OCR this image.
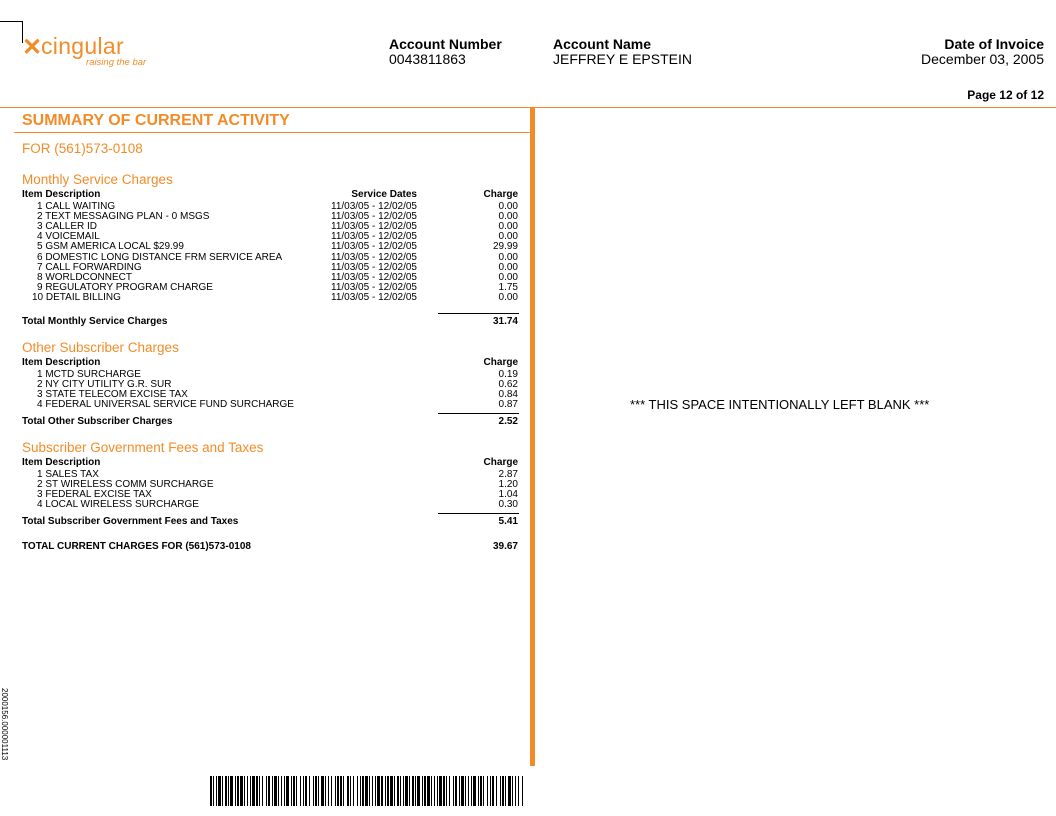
✕
cingular
raising the bar
Account Number
0043811863
Account Name
JEFFREY E EPSTEIN
Date of Invoice
December 03, 2005
Page 12 of 12
SUMMARY OF CURRENT ACTIVITY
FOR (561)573-0108
Monthly Service Charges
Item Description	Service Dates	Charge
1 CALL WAITING	11/03/05 - 12/02/05	0.00
2 TEXT MESSAGING PLAN - 0 MSGS	11/03/05 - 12/02/05	0.00
3 CALLER ID	11/03/05 - 12/02/05	0.00
4 VOICEMAIL	11/03/05 - 12/02/05	0.00
5 GSM AMERICA LOCAL $29.99	11/03/05 - 12/02/05	29.99
6 DOMESTIC LONG DISTANCE FRM SERVICE AREA	11/03/05 - 12/02/05	0.00
7 CALL FORWARDING	11/03/05 - 12/02/05	0.00
8 WORLDCONNECT	11/03/05 - 12/02/05	0.00
9 REGULATORY PROGRAM CHARGE	11/03/05 - 12/02/05	1.75
10 DETAIL BILLING	11/03/05 - 12/02/05	0.00
Total Monthly Service Charges	31.74
Other Subscriber Charges
Item Description	Charge
1 MCTD SURCHARGE	0.19
2 NY CITY UTILITY G.R. SUR	0.62
3 STATE TELECOM EXCISE TAX	0.84
4 FEDERAL UNIVERSAL SERVICE FUND SURCHARGE	0.87
Total Other Subscriber Charges	2.52
Subscriber Government Fees and Taxes
Item Description	Charge
1 SALES TAX	2.87
2 ST WIRELESS COMM SURCHARGE	1.20
3 FEDERAL EXCISE TAX	1.04
4 LOCAL WIRELESS SURCHARGE	0.30
Total Subscriber Government Fees and Taxes	5.41
TOTAL CURRENT CHARGES FOR (561)573-0108	39.67
*** THIS SPACE INTENTIONALLY LEFT BLANK ***
2000156.000001113
